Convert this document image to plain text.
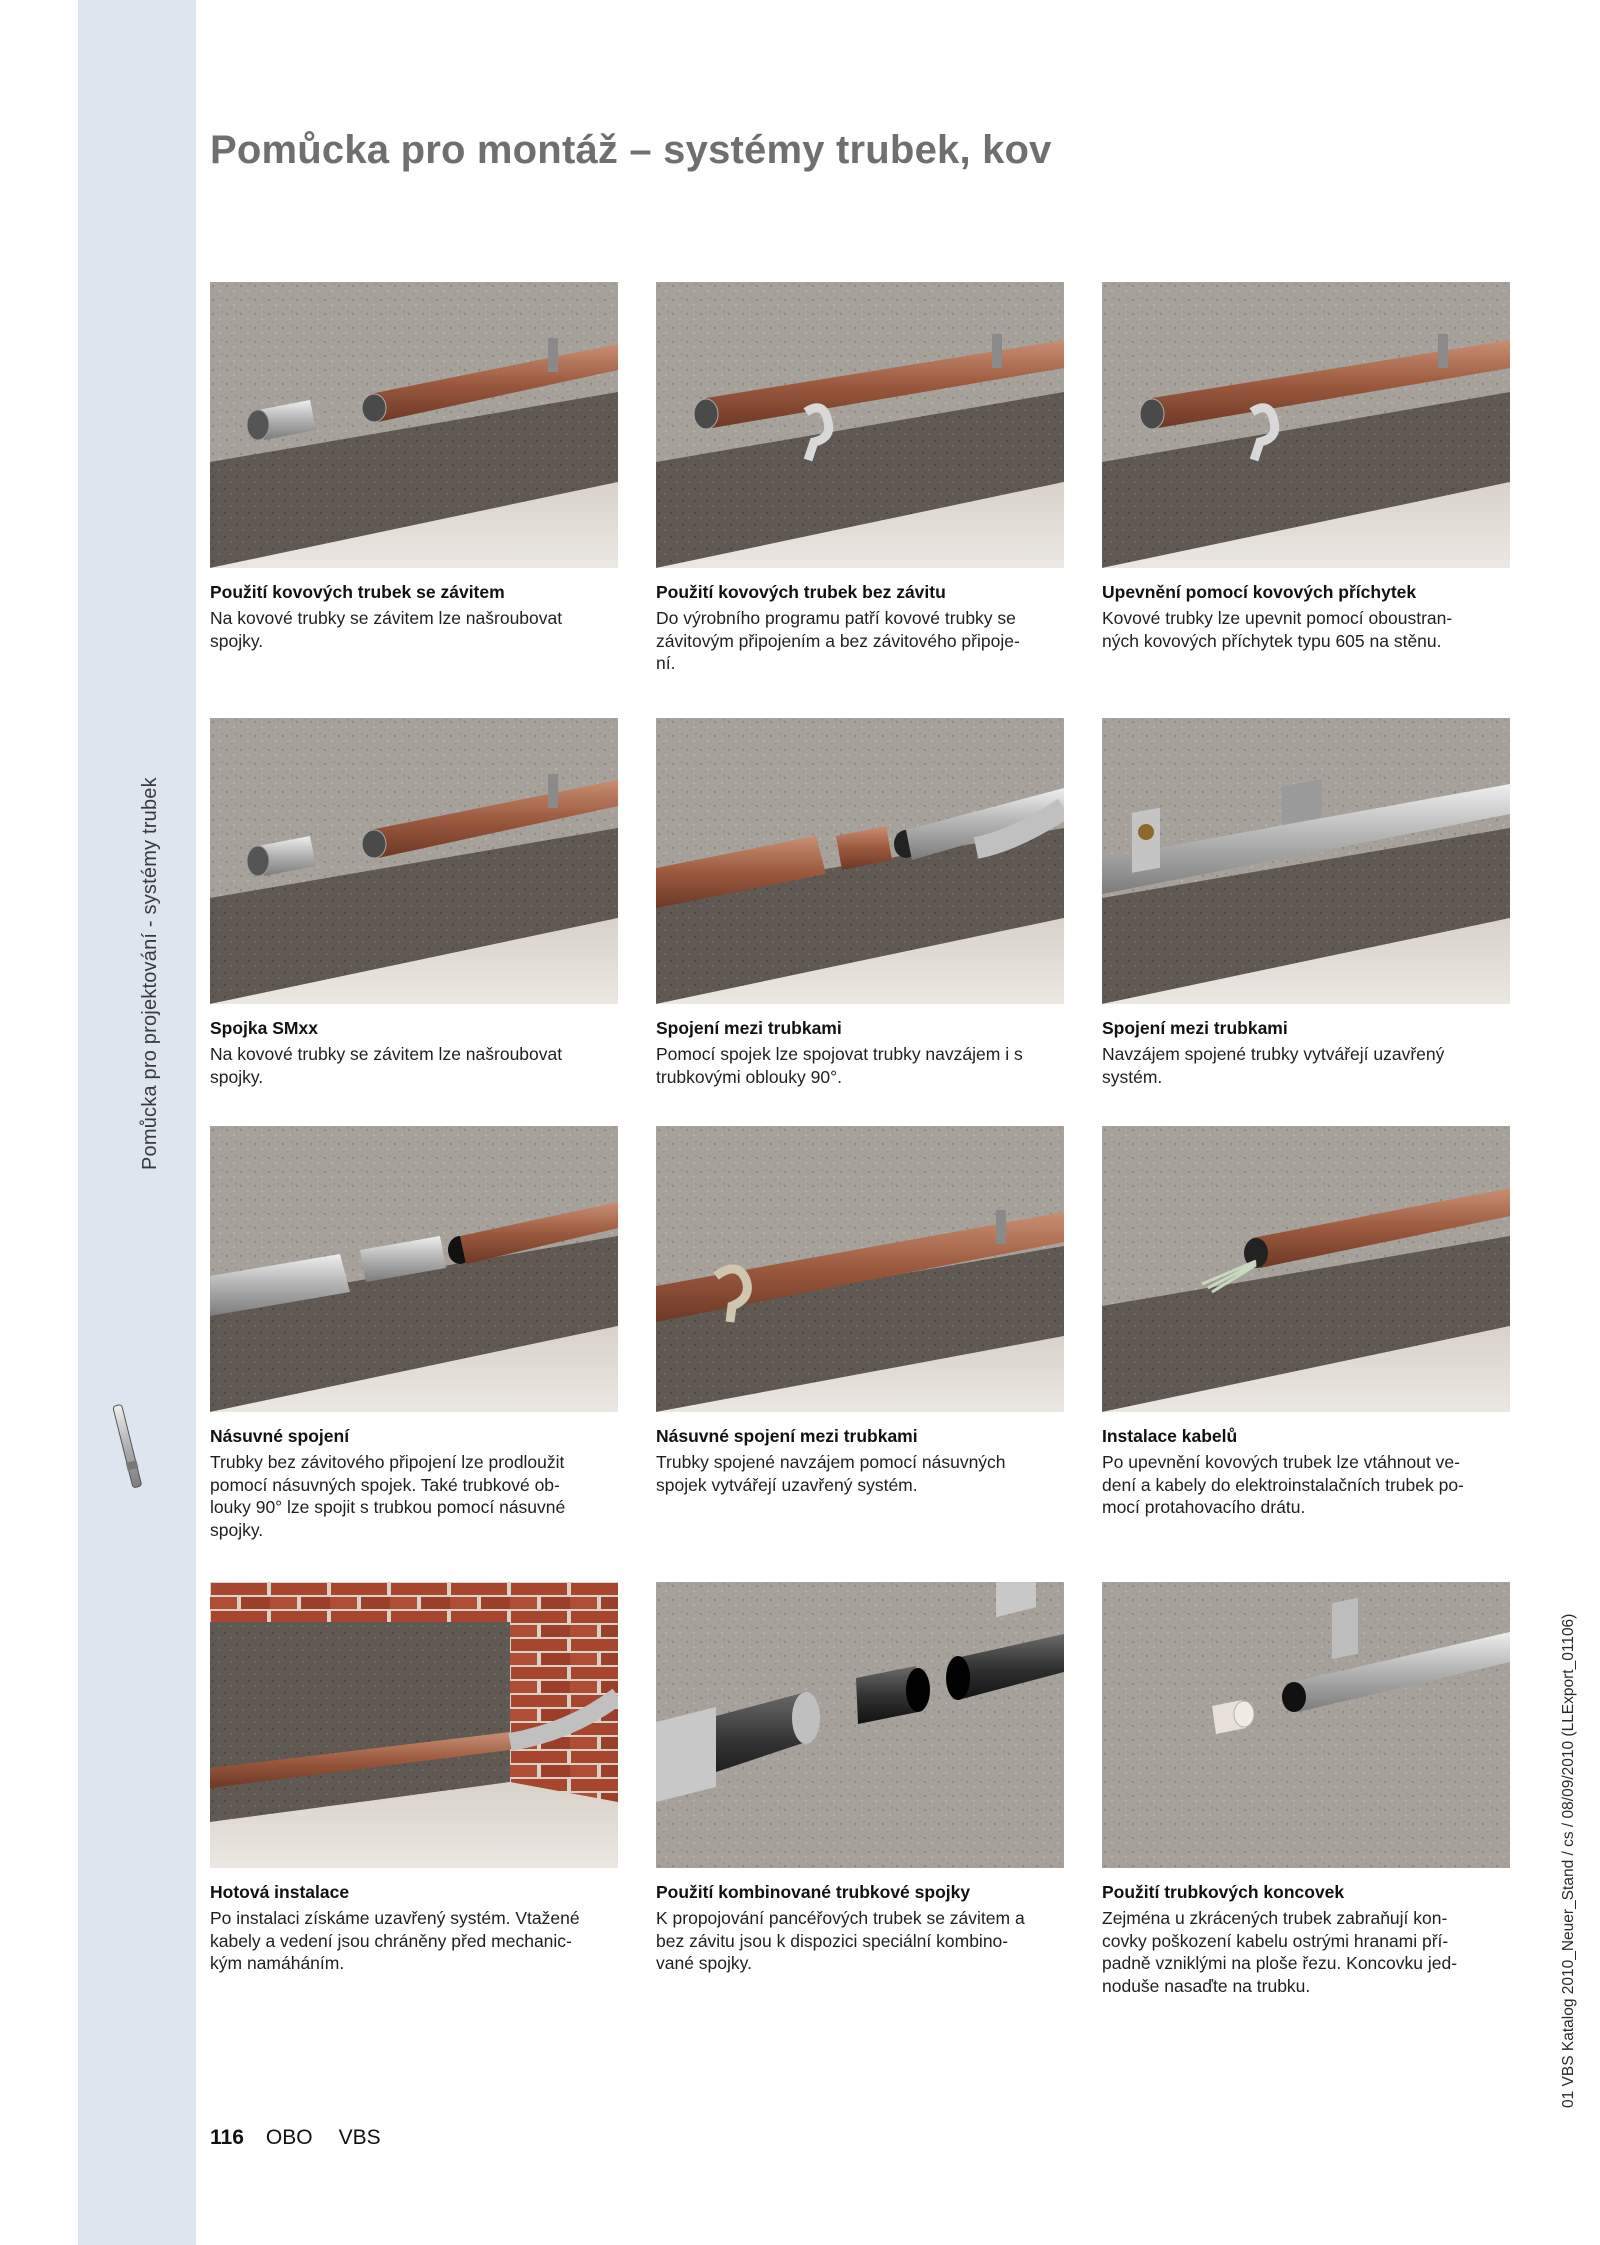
Pomůcka pro projektování - systémy trubek
01 VBS Katalog 2010_Neuer_Stand / cs / 08/09/2010 (LLExport_01106)
Pomůcka pro montáž – systémy trubek, kov

Použití kovových trubek se závitem

Na kovové trubky se závitem lze našroubovat
spojky.

Použití kovových trubek bez závitu

Do výrobního programu patří kovové trubky se
závitovým připojením a bez závitového připoje-
ní.

Upevnění pomocí kovových příchytek

Kovové trubky lze upevnit pomocí oboustran-
ných kovových příchytek typu 605 na stěnu.

Spojka SMxx

Na kovové trubky se závitem lze našroubovat
spojky.

Spojení mezi trubkami

Pomocí spojek lze spojovat trubky navzájem i s
trubkovými oblouky 90°.

Spojení mezi trubkami

Navzájem spojené trubky vytvářejí uzavřený
systém.

Násuvné spojení

Trubky bez závitového připojení lze prodloužit
pomocí násuvných spojek. Také trubkové ob-
louky 90° lze spojit s trubkou pomocí násuvné
spojky.

Násuvné spojení mezi trubkami

Trubky spojené navzájem pomocí násuvných
spojek vytvářejí uzavřený systém.

Instalace kabelů

Po upevnění kovových trubek lze vtáhnout ve-
dení a kabely do elektroinstalačních trubek po-
mocí protahovacího drátu.

Hotová instalace

Po instalaci získáme uzavřený systém. Vtažené
kabely a vedení jsou chráněny před mechanic-
kým namáháním.

Použití kombinované trubkové spojky

K propojování pancéřových trubek se závitem a
bez závitu jsou k dispozici speciální kombino-
vané spojky.

Použití trubkových koncovek

Zejména u zkrácených trubek zabraňují kon-
covky poškození kabelu ostrými hranami pří-
padně vzniklými na ploše řezu. Koncovku jed-
noduše nasaďte na trubku.

116 OBO VBS
